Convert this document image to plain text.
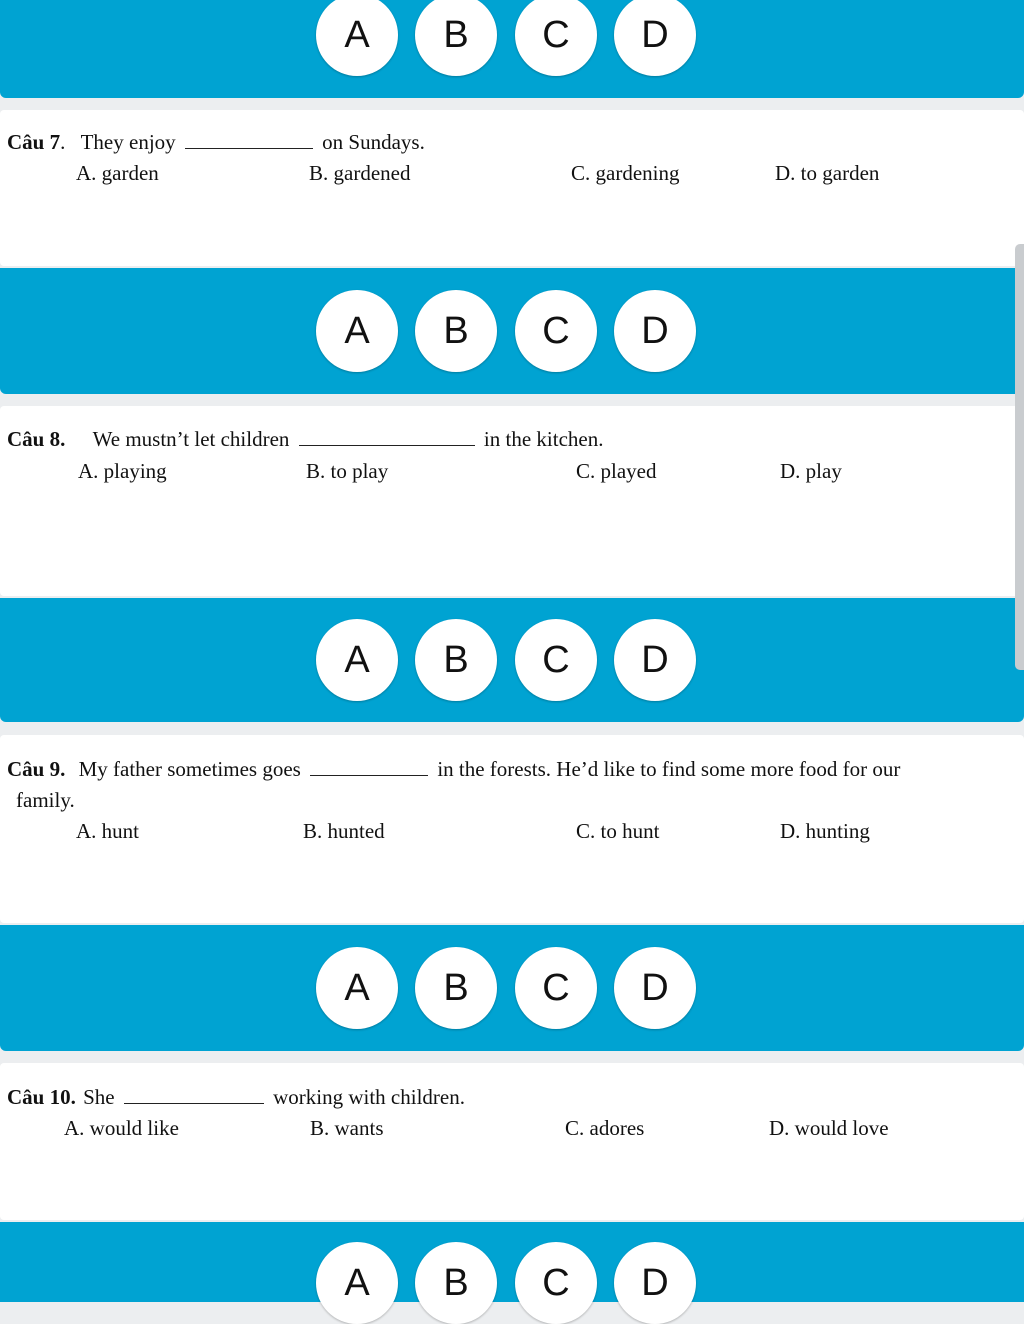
A	B	C	D
Câu 7. They enjoy	on Sundays.
A. garden	B. gardened	C. gardening	D. to garden
A	B	C	D
Câu 8. We mustn’t let children	in the kitchen.
A. playing	B. to play	C. played	D. play
A	B	C	D
Câu 9. My father sometimes goes	in the forests. He’d like to find some more food for our
family.
A. hunt	B. hunted	C. to hunt	D. hunting
A	B	C	D
Câu 10. She	working with children.
A. would like	B. wants	C. adores	D. would love
A	B	C	D
